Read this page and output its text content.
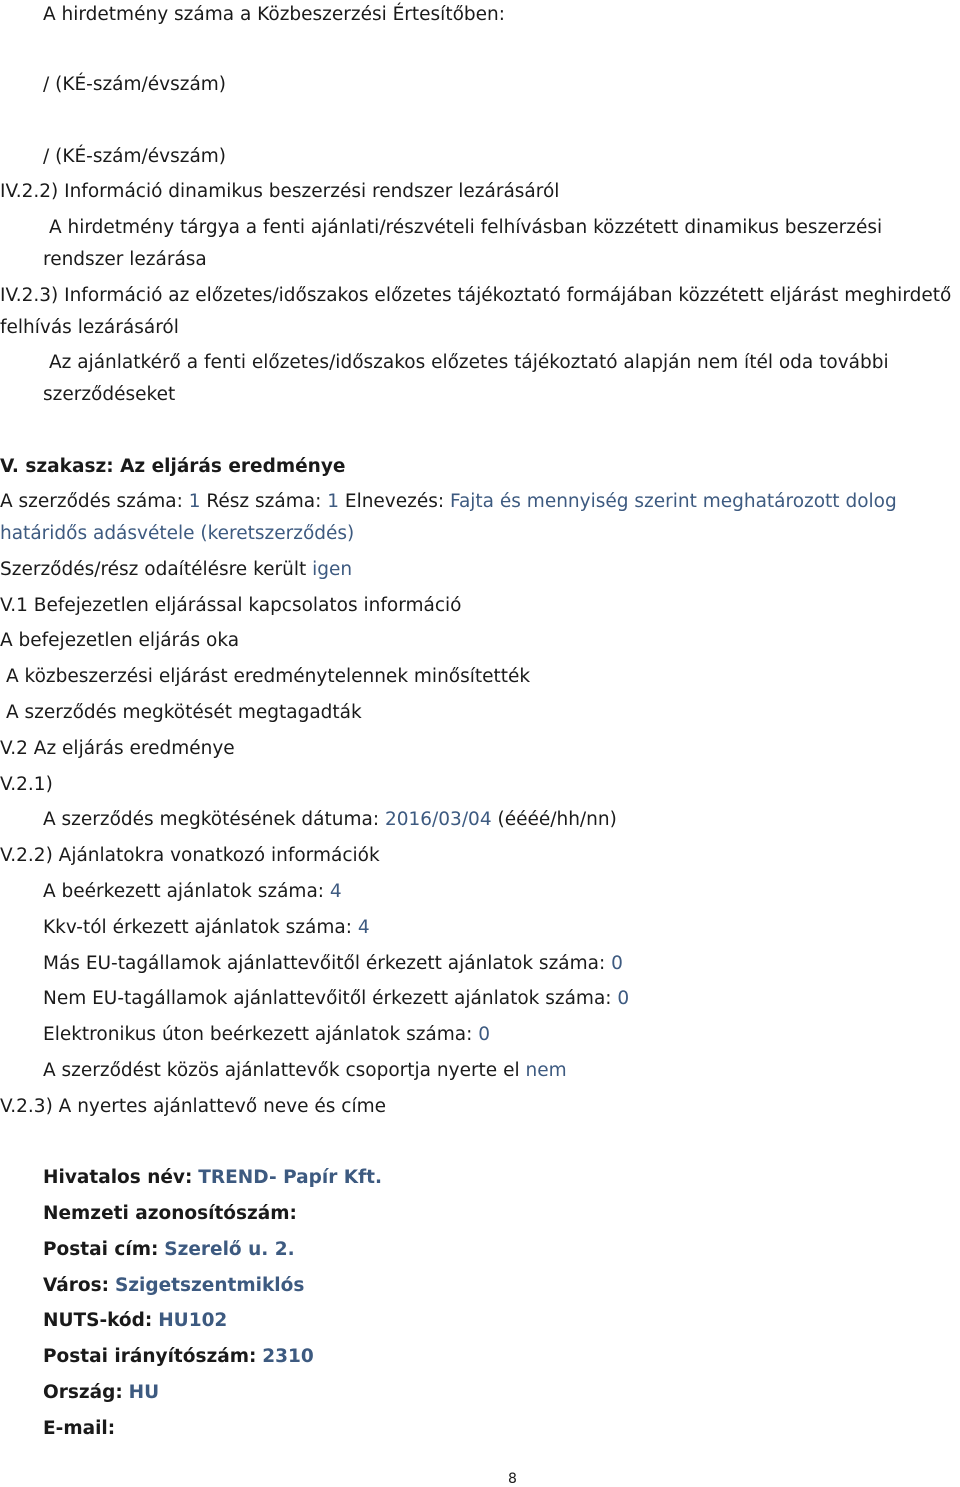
A hirdetmény száma a Közbeszerzési Értesítőben:
/ (KÉ-szám/évszám)
/ (KÉ-szám/évszám)
IV.2.2) Információ dinamikus beszerzési rendszer lezárásáról
A hirdetmény tárgya a fenti ajánlati/részvételi felhívásban közzétett dinamikus beszerzési
rendszer lezárása
IV.2.3) Információ az előzetes/időszakos előzetes tájékoztató formájában közzétett eljárást meghirdető
felhívás lezárásáról
Az ajánlatkérő a fenti előzetes/időszakos előzetes tájékoztató alapján nem ítél oda további
szerződéseket
V. szakasz: Az eljárás eredménye
A szerződés száma: 1 Rész száma: 1 Elnevezés: Fajta és mennyiség szerint meghatározott dolog
határidős adásvétele (keretszerződés)
Szerződés/rész odaítélésre került igen
V.1 Befejezetlen eljárással kapcsolatos információ
A befejezetlen eljárás oka
A közbeszerzési eljárást eredménytelennek minősítették
A szerződés megkötését megtagadták
V.2 Az eljárás eredménye
V.2.1)
A szerződés megkötésének dátuma: 2016/03/04 (éééé/hh/nn)
V.2.2) Ajánlatokra vonatkozó információk
A beérkezett ajánlatok száma: 4
Kkv-tól érkezett ajánlatok száma: 4
Más EU-tagállamok ajánlattevőitől érkezett ajánlatok száma: 0
Nem EU-tagállamok ajánlattevőitől érkezett ajánlatok száma: 0
Elektronikus úton beérkezett ajánlatok száma: 0
A szerződést közös ajánlattevők csoportja nyerte el nem
V.2.3) A nyertes ajánlattevő neve és címe
Hivatalos név: TREND- Papír Kft.
Nemzeti azonosítószám:
Postai cím: Szerelő u. 2.
Város: Szigetszentmiklós
NUTS-kód: HU102
Postai irányítószám: 2310
Ország: HU
E-mail:
8
